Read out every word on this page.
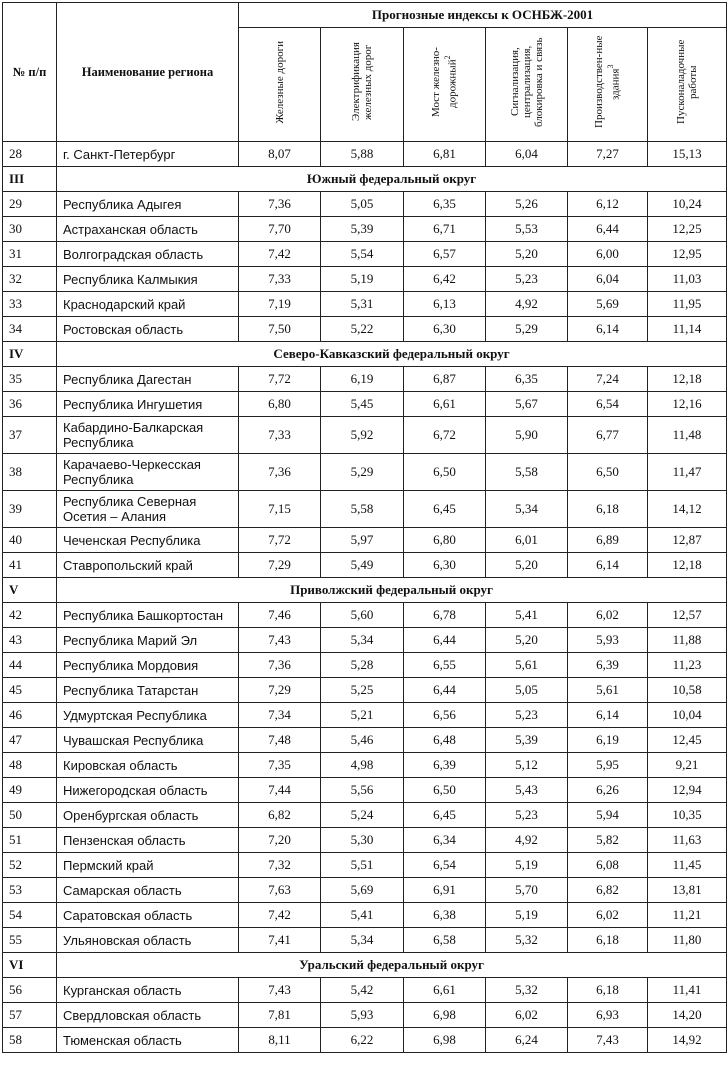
№ п/п	Наименование региона	Прогнозные индексы к ОСНБЖ-2001					
		Железные дороги	Электрификация железных дорог	Мост железно-дорожный$^2$	Сигнализация, централизация, блокировка и связь	Производствен-ные здания$^3$	Пусконаладочные работы
28	г. Санкт-Петербург	8,07	5,88	6,81	6,04	7,27	15,13
III	Южный федеральный округ						
29	Республика Адыгея	7,36	5,05	6,35	5,26	6,12	10,24
30	Астраханская область	7,70	5,39	6,71	5,53	6,44	12,25
31	Волгоградская область	7,42	5,54	6,57	5,20	6,00	12,95
32	Республика Калмыкия	7,33	5,19	6,42	5,23	6,04	11,03
33	Краснодарский край	7,19	5,31	6,13	4,92	5,69	11,95
34	Ростовская область	7,50	5,22	6,30	5,29	6,14	11,14
IV	Северо-Кавказский федеральный округ						
35	Республика Дагестан	7,72	6,19	6,87	6,35	7,24	12,18
36	Республика Ингушетия	6,80	5,45	6,61	5,67	6,54	12,16
37	Кабардино-Балкарская Республика	7,33	5,92	6,72	5,90	6,77	11,48
38	Карачаево-Черкесская Республика	7,36	5,29	6,50	5,58	6,50	11,47
39	Республика Северная Осетия – Алания	7,15	5,58	6,45	5,34	6,18	14,12
40	Чеченская Республика	7,72	5,97	6,80	6,01	6,89	12,87
41	Ставропольский край	7,29	5,49	6,30	5,20	6,14	12,18
V	Приволжский федеральный округ						
42	Республика Башкортостан	7,46	5,60	6,78	5,41	6,02	12,57
43	Республика Марий Эл	7,43	5,34	6,44	5,20	5,93	11,88
44	Республика Мордовия	7,36	5,28	6,55	5,61	6,39	11,23
45	Республика Татарстан	7,29	5,25	6,44	5,05	5,61	10,58
46	Удмуртская Республика	7,34	5,21	6,56	5,23	6,14	10,04
47	Чувашская Республика	7,48	5,46	6,48	5,39	6,19	12,45
48	Кировская область	7,35	4,98	6,39	5,12	5,95	9,21
49	Нижегородская область	7,44	5,56	6,50	5,43	6,26	12,94
50	Оренбургская область	6,82	5,24	6,45	5,23	5,94	10,35
51	Пензенская область	7,20	5,30	6,34	4,92	5,82	11,63
52	Пермский край	7,32	5,51	6,54	5,19	6,08	11,45
53	Самарская область	7,63	5,69	6,91	5,70	6,82	13,81
54	Саратовская область	7,42	5,41	6,38	5,19	6,02	11,21
55	Ульяновская область	7,41	5,34	6,58	5,32	6,18	11,80
VI	Уральский федеральный округ						
56	Курганская область	7,43	5,42	6,61	5,32	6,18	11,41
57	Свердловская область	7,81	5,93	6,98	6,02	6,93	14,20
58	Тюменская область	8,11	6,22	6,98	6,24	7,43	14,92
